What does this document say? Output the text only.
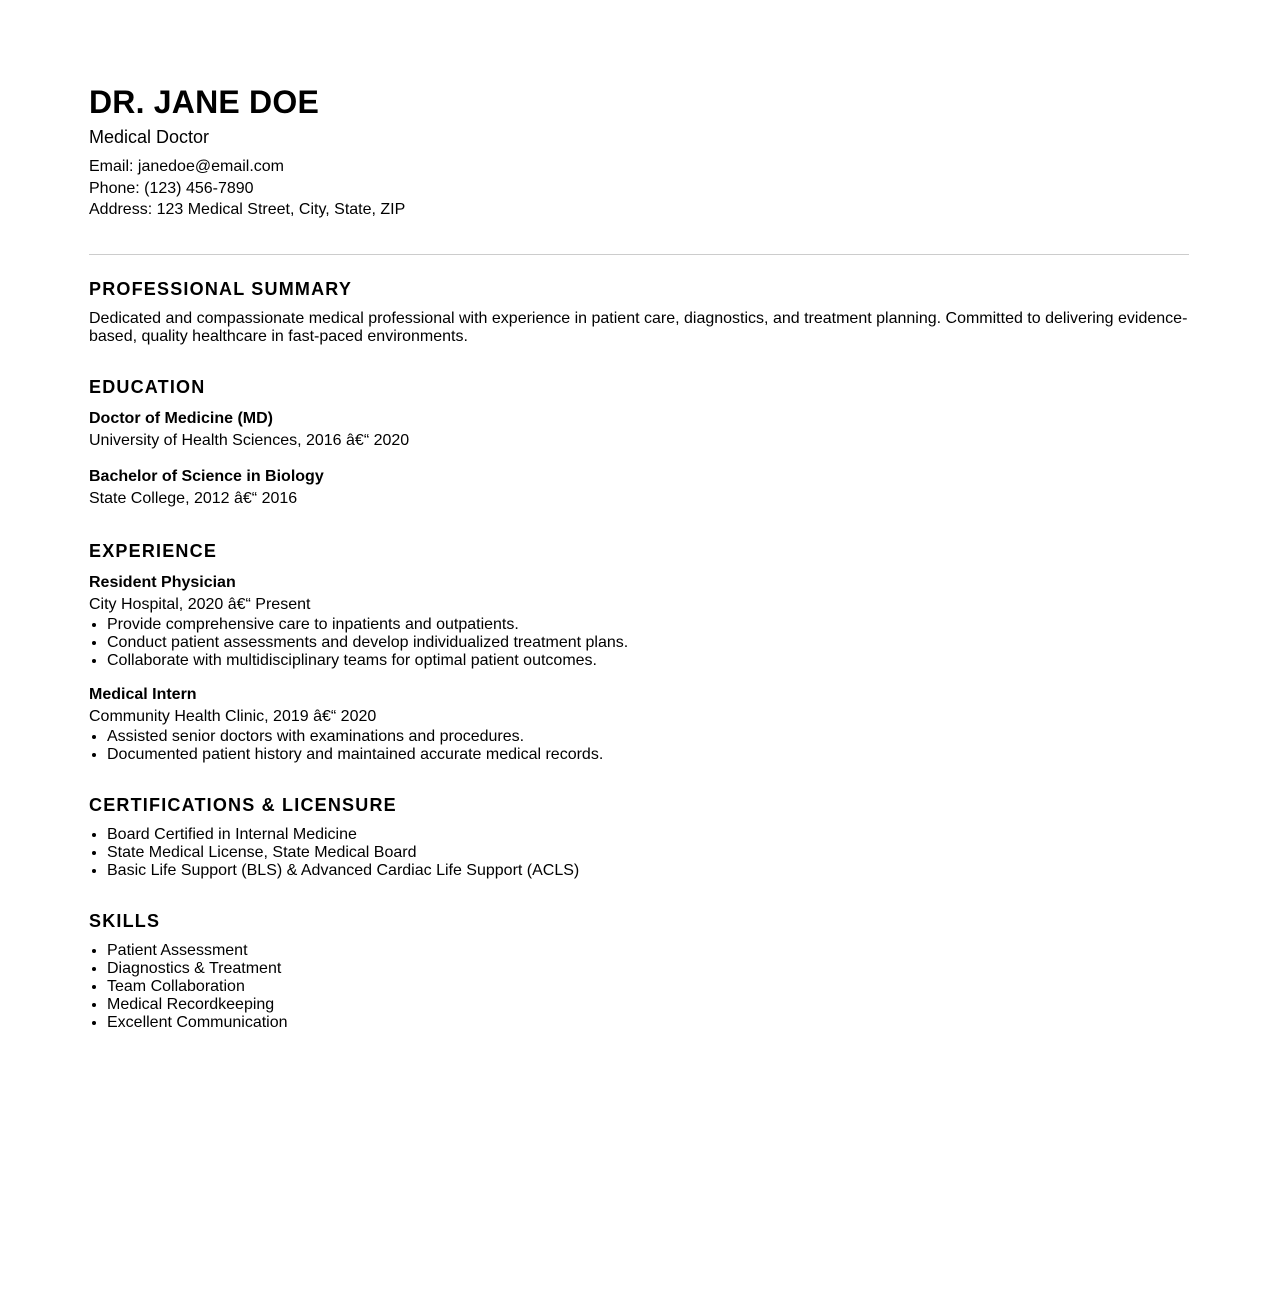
DR. JANE DOE
Medical Doctor
Email: janedoe@email.com
Phone: (123) 456-7890
Address: 123 Medical Street, City, State, ZIP
PROFESSIONAL SUMMARY

Dedicated and compassionate medical professional with experience in patient care, diagnostics, and treatment planning. Committed to delivering evidence-based, quality healthcare in fast-paced environments.

EDUCATION
Doctor of Medicine (MD)
University of Health Sciences, 2016 â€“ 2020
Bachelor of Science in Biology
State College, 2012 â€“ 2016
EXPERIENCE
Resident Physician
City Hospital, 2020 â€“ Present
• Provide comprehensive care to inpatients and outpatients.
• Conduct patient assessments and develop individualized treatment plans.
• Collaborate with multidisciplinary teams for optimal patient outcomes.
Medical Intern
Community Health Clinic, 2019 â€“ 2020
• Assisted senior doctors with examinations and procedures.
• Documented patient history and maintained accurate medical records.
CERTIFICATIONS & LICENSURE
• Board Certified in Internal Medicine
• State Medical License, State Medical Board
• Basic Life Support (BLS) & Advanced Cardiac Life Support (ACLS)
SKILLS
• Patient Assessment
• Diagnostics & Treatment
• Team Collaboration
• Medical Recordkeeping
• Excellent Communication
